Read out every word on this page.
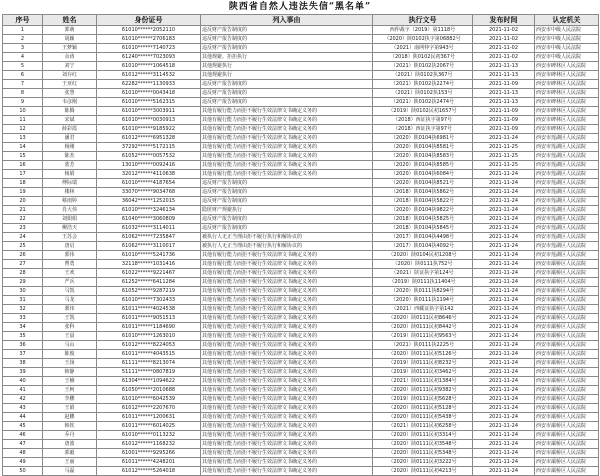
陕西省自然人违法失信“黑名单”
序号	姓名	身份证号	列入事由	执行文号	发布时间	认定机关
1	郭萌	61010******2052110	违反财产报告制度的	西仲裁字（2019）第1118号	2021-11-02	西安市中级人民法院
2	胡颖	61010******2706183	违反财产报告制度的	（2020）陕0102执字第06882号	2021-11-02	西安市中级人民法院
3	王梦颖	61010******7140723	违反财产报告制度的	（2021）南网仲字第943号	2021-11-02	西安市中级人民法院
4	余涛	61240******7023093	其他规避、拒拒执行	（2018）陕0102民初367号	2021-11-02	西安市中级人民法院
5	刘宁	61010******1064518	其他规避执行	（2021）陕0102执2067号	2021-11-13	西安市碑林区人民法院
6	刘存红	61012******3114532	其他规避执行	（2021）陕0102执367号	2021-11-13	西安市碑林区人民法院
7	王亚红	62282******1130933	违反财产报告制度的	（2021）陕0102执2274号	2021-11-09	西安市碑林区人民法院
8	张慧	61010******0043418	违反财产报告制度的	（2021）陕0102执153号	2021-11-13	西安市碑林区人民法院
9	韦彦刚	61010******5162315	违反财产报告制度的	（2021）陕0102执2474号	2021-11-13	西安市碑林区人民法院
10	陈腾	61010******3003911	其他有履行能力而拒不履行生效法律文书确定义务的	（2019）陕0102民初1657号	2021-11-09	西安市碑林区人民法院
11	宋斌	61010******0030913	其他有履行能力而拒不履行生效法律文书确定义务的	（2018）西证执字第97号	2021-11-09	西安市碑林区人民法院
12	薛彩霞	61010******9185922	其他有履行能力而拒不履行生效法律文书确定义务的	（2018）西证执字第97号	2021-11-09	西安市碑林区人民法院
13	潘君	61012******6951328	其他有履行能力而拒不履行生效法律文书确定义务的	（2020）陕0104执6981号	2021-11-24	西安市莲湖区人民法院
14	杨刚	37292******5172115	其他有履行能力而拒不履行生效法律文书确定义务的	（2020）陕0104执8581号	2021-11-25	西安市莲湖区人民法院
15	陈杰	61052******0057532	其他有履行能力而拒不履行生效法律文书确定义务的	（2020）陕0104执8583号	2021-11-25	西安市莲湖区人民法院
16	蓝芳	13010******0092416	其他有履行能力而拒不履行生效法律文书确定义务的	（2020）陕0104执8585号	2021-11-25	西安市莲湖区人民法院
17	杨娟	32012******4110638	其他有履行能力而拒不履行生效法律文书确定义务的	（2020）陕0104执6084号	2021-11-24	西安市莲湖区人民法院
18	傅际瑞	61010******4187654	违反财产报告制度的	（2020）陕0104执8521号	2021-11-24	西安市莲湖区人民法院
19	楼林	33070******9034768	违反财产报告制度的	（2018）陕0104执5862号	2021-11-24	西安市莲湖区人民法院
20	蔡雨婷	36042******1252015	违反财产报告制度的	（2018）陕0104执5822号	2021-11-24	西安市莲湖区人民法院
21	肖大伟	61010******3246134	隐匿财产规避执行	（2020）陕0104执9822号	2021-11-24	西安市莲湖区人民法院
22	刘娟娟	61040******3060809	违反财产报告制度的	（2018）陕0104执5825号	2021-11-24	西安市莲湖区人民法院
23	柳浩天	61032******3114011	违反财产报告制度的	（2018）陕0104执5845号	2021-11-24	西安市莲湖区人民法院
24	王苏会	61062******7235847	被执行人无正当理由拒不履行执行和解协议的	（2017）陕0104执4498号	2021-11-24	西安市莲湖区人民法院
25	唐启	61062******3110017	被执行人无正当理由拒不履行执行和解协议的	（2017）陕0104执4092号	2021-11-24	西安市莲湖区人民法院
26	郭伟	61010******5241736	其他有履行能力而拒不履行生效法律文书确定义务的	（2020）陕0104民初1208号	2021-11-24	西安市莲湖区人民法院
27	曹勇	32118******1031416	其他有履行能力而拒不履行生效法律文书确定义务的	（2020）陕0111执752号	2021-11-24	西安市灞桥区人民法院
28	王欢	61022******9221467	其他有履行能力而拒不履行生效法律文书确定义务的	（2021）陕证执字第124号	2021-11-24	西安市灞桥区人民法院
29	严兵	61252******6411284	其他有履行能力而拒不履行生效法律文书确定义务的	（2019）陕0111执11404号	2021-11-24	西安市灞桥区人民法院
30	马凯	61052******9287219	其他有履行能力而拒不履行生效法律文书确定义务的	（2020）陕0111执8294号	2021-11-24	西安市灞桥区人民法院
31	马龙	61010******7302433	其他有履行能力而拒不履行生效法律文书确定义务的	（2020）陕0111执1194号	2021-11-24	西安市灞桥区人民法院
32	栗伟	61011******4024538	其他有履行能力而拒不履行生效法律文书确定义务的	（2021）西藏证执字第142	2021-11-24	西安市灞桥区人民法院
33	王凯	61011******9051513	其他有履行能力而拒不履行生效法律文书确定义务的	（2020）陕0111民初8646号	2021-11-24	西安市灞桥区人民法院
34	张科	61011******1184690	其他有履行能力而拒不履行生效法律文书确定义务的	（2020）陕0111民初8442号	2021-11-24	西安市灞桥区人民法院
35	王晨	61010******1263010	其他有履行能力而拒不履行生效法律文书确定义务的	（2019）陕0111民初9563号	2021-11-24	西安市灞桥区人民法院
36	马山	61012******8224053	其他有履行能力而拒不履行生效法律文书确定义务的	（2021）陕0111执2225号	2021-11-24	西安市灞桥区人民法院
37	陈俊	61011******4043515	其他有履行能力而拒不履行生效法律文书确定义务的	（2020）陕0111民初5126号	2021-11-24	西安市灞桥区人民法院
38	王扬	61111******8213074	其他有履行能力而拒不履行生效法律文书确定义务的	（2019）陕0111民初8232号	2021-11-24	西安市灞桥区人民法院
39	韩静	51111******0807819	其他有履行能力而拒不履行生效法律文书确定义务的	（2019）陕0111民初3462号	2021-11-24	西安市灞桥区人民法院
40	王楠	61304******1094622	其他有履行能力而拒不履行生效法律文书确定义务的	（2021）陕0111民初1384号	2021-11-24	西安市灞桥区人民法院
41	王柯	61050******2010688	其他有履行能力而拒不履行生效法律文书确定义务的	（2020）陕0111民初9382号	2021-11-24	西安市灞桥区人民法院
42	李鹏	61010******6042539	其他有履行能力而拒不履行生效法律文书确定义务的	（2019）陕0111民初5628号	2021-11-24	西安市灞桥区人民法院
43	王娟	61012******2207670	其他有履行能力而拒不履行生效法律文书确定义务的	（2020）陕0111民初5128号	2021-11-24	西安市灞桥区人民法院
44	赵鹏	61011******1200631	其他有履行能力而拒不履行生效法律文书确定义务的	（2020）陕0111民初5438号	2021-11-24	西安市灞桥区人民法院
45	韩钦	61011******6014025	其他有履行能力而拒不履行生效法律文书确定义务的	（2021）陕0111民初6258号	2021-11-24	西安市灞桥区人民法院
46	乔丹	61010******0113232	其他有履行能力而拒不履行生效法律文书确定义务的	（2020）陕0111民初3314号	2021-11-24	西安市灞桥区人民法院
47	唐波	61012******1168232	其他有履行能力而拒不履行生效法律文书确定义务的	（2020）陕0111民初3548号	2021-11-24	西安市灞桥区人民法院
48	郭毅	61001******9295266	其他有履行能力而拒不履行生效法律文书确定义务的	（2020）陕0111民初5348号	2021-11-24	西安市灞桥区人民法院
49	王丽	61011******4248201	其他有履行能力而拒不履行生效法律文书确定义务的	（2020）陕0111民初3222号	2021-11-24	西安市灞桥区人民法院
50	马磊	61012******5264018	其他有履行能力而拒不履行生效法律文书确定义务的	（2020）陕0111民初4213号	2021-11-24	西安市灞桥区人民法院
